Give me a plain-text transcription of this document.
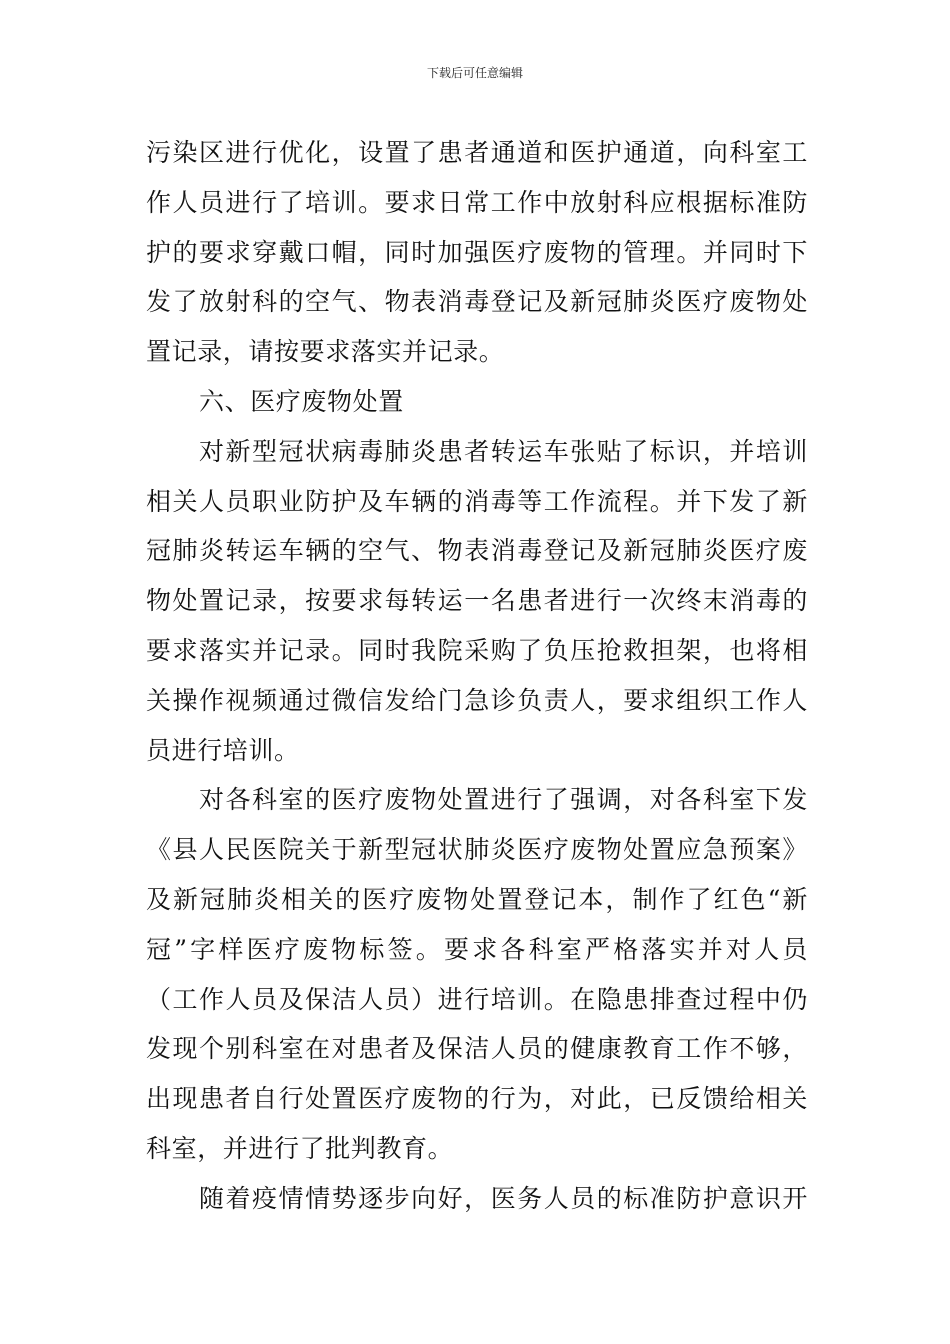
下载后可任意编辑
污染区进行优化，设置了患者通道和医护通道，向科室工
作人员进行了培训。要求日常工作中放射科应根据标准防
护的要求穿戴口帽，同时加强医疗废物的管理。并同时下
发了放射科的空气、物表消毒登记及新冠肺炎医疗废物处
置记录，请按要求落实并记录。
六、医疗废物处置
对新型冠状病毒肺炎患者转运车张贴了标识，并培训
相关人员职业防护及车辆的消毒等工作流程。并下发了新
冠肺炎转运车辆的空气、物表消毒登记及新冠肺炎医疗废
物处置记录，按要求每转运一名患者进行一次终末消毒的
要求落实并记录。同时我院采购了负压抢救担架，也将相
关操作视频通过微信发给门急诊负责人，要求组织工作人
员进行培训。
对各科室的医疗废物处置进行了强调，对各科室下发
《县人民医院关于新型冠状肺炎医疗废物处置应急预案》
及新冠肺炎相关的医疗废物处置登记本，制作了红色“新
冠”字样医疗废物标签。要求各科室严格落实并对人员
（工作人员及保洁人员）进行培训。在隐患排查过程中仍
发现个别科室在对患者及保洁人员的健康教育工作不够，
出现患者自行处置医疗废物的行为，对此，已反馈给相关
科室，并进行了批判教育。
随着疫情情势逐步向好，医务人员的标准防护意识开
